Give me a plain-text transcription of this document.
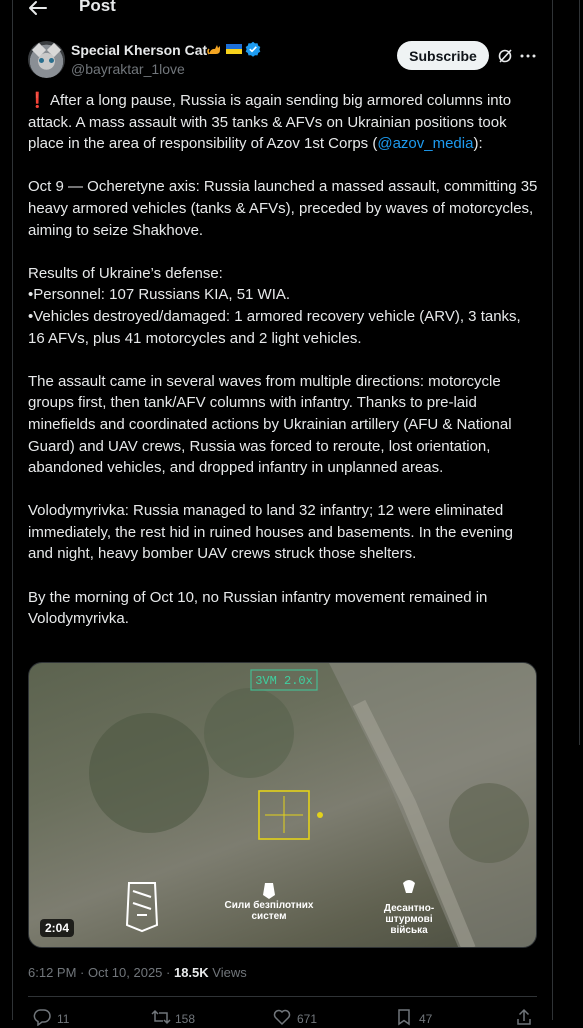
Post
Special Kherson Cat
@bayraktar_1love
Subscribe

❗ After a long pause, Russia is again sending big armored columns into attack. A mass assault with 35 tanks & AFVs on Ukrainian positions took place in the area of responsibility of Azov 1st Corps (@azov_media):

Oct 9 — Ocheretyne axis: Russia launched a massed assault, committing 35 heavy armored vehicles (tanks & AFVs), preceded by waves of motorcycles, aiming to seize Shakhove.

Results of Ukraine’s defense:

•Personnel: 107 Russians KIA, 51 WIA.

•Vehicles destroyed/damaged: 1 armored recovery vehicle (ARV), 3 tanks, 16 AFVs, plus 41 motorcycles and 2 light vehicles.

The assault came in several waves from multiple directions: motorcycle groups first, then tank/AFV columns with infantry. Thanks to pre-laid minefields and coordinated actions by Ukrainian artillery (AFU & National Guard) and UAV crews, Russia was forced to reroute, lost orientation, abandoned vehicles, and dropped infantry in unplanned areas.

Volodymyrivka: Russia managed to land 32 infantry; 12 were eliminated immediately, the rest hid in ruined houses and basements. In the evening and night, heavy bomber UAV crews struck those shelters.

By the morning of Oct 10, no Russian infantry movement remained in Volodymyrivka.

3VM 2.0x
Сили безпілотних
систем
Десантно-
штурмові
війська
2:04
6:12 PM · Oct 10, 2025 · 18.5K Views
11	158	671	47
